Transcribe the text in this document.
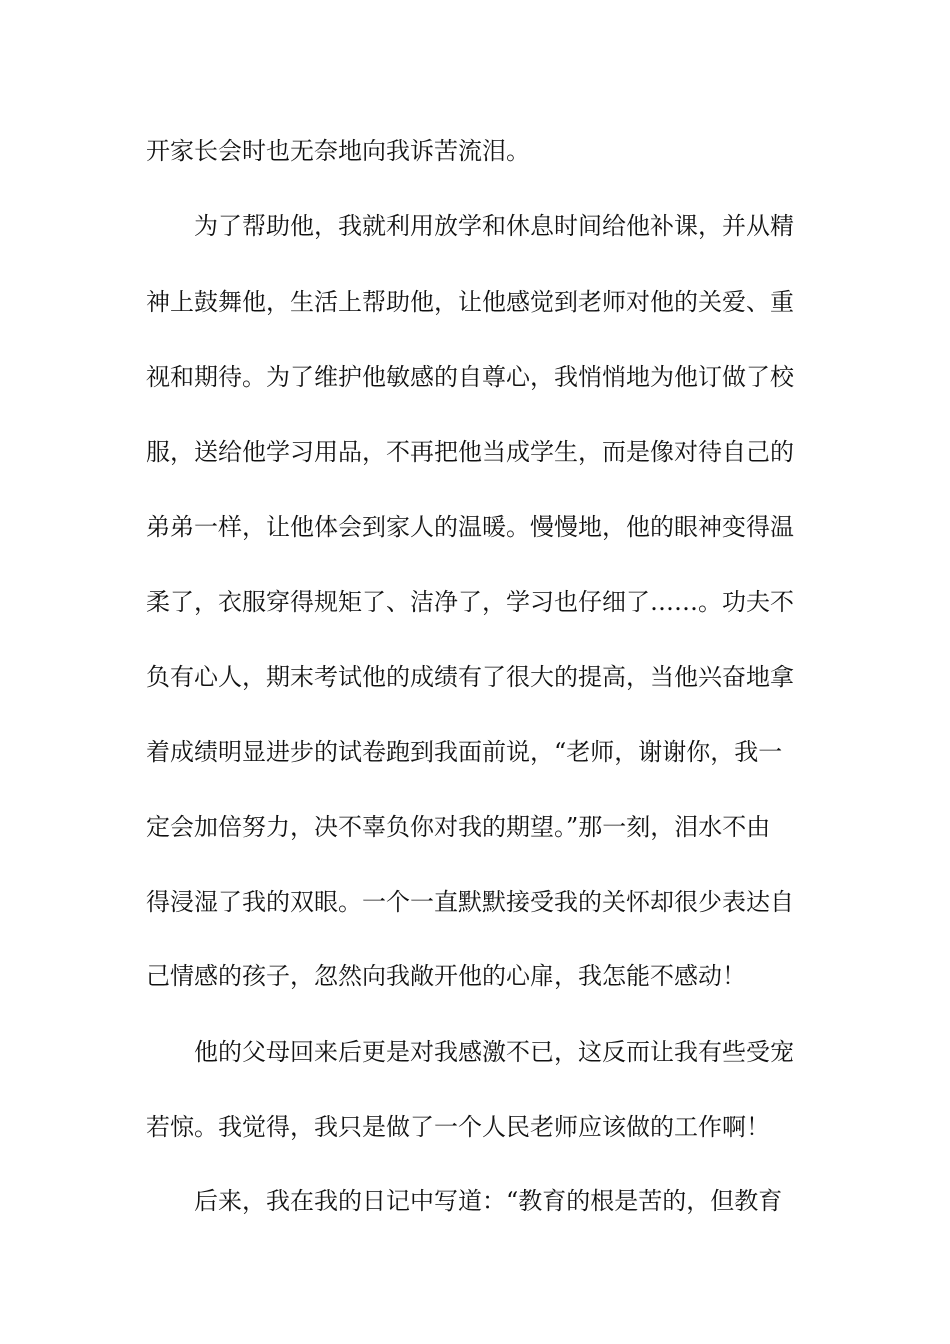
开家长会时也无奈地向我诉苦流泪。
为了帮助他，我就利用放学和休息时间给他补课，并从精
神上鼓舞他，生活上帮助他，让他感觉到老师对他的关爱、重
视和期待。为了维护他敏感的自尊心，我悄悄地为他订做了校
服，送给他学习用品，不再把他当成学生，而是像对待自己的
弟弟一样，让他体会到家人的温暖。慢慢地，他的眼神变得温
柔了，衣服穿得规矩了、洁净了，学习也仔细了……。功夫不
负有心人，期末考试他的成绩有了很大的提高，当他兴奋地拿
着成绩明显进步的试卷跑到我面前说，“老师，谢谢你，我一
定会加倍努力，决不辜负你对我的期望。”那一刻，泪水不由
得浸湿了我的双眼。一个一直默默接受我的关怀却很少表达自
己情感的孩子，忽然向我敞开他的心扉，我怎能不感动！
他的父母回来后更是对我感激不已，这反而让我有些受宠
若惊。我觉得，我只是做了一个人民老师应该做的工作啊！
后来，我在我的日记中写道：“教育的根是苦的，但教育
